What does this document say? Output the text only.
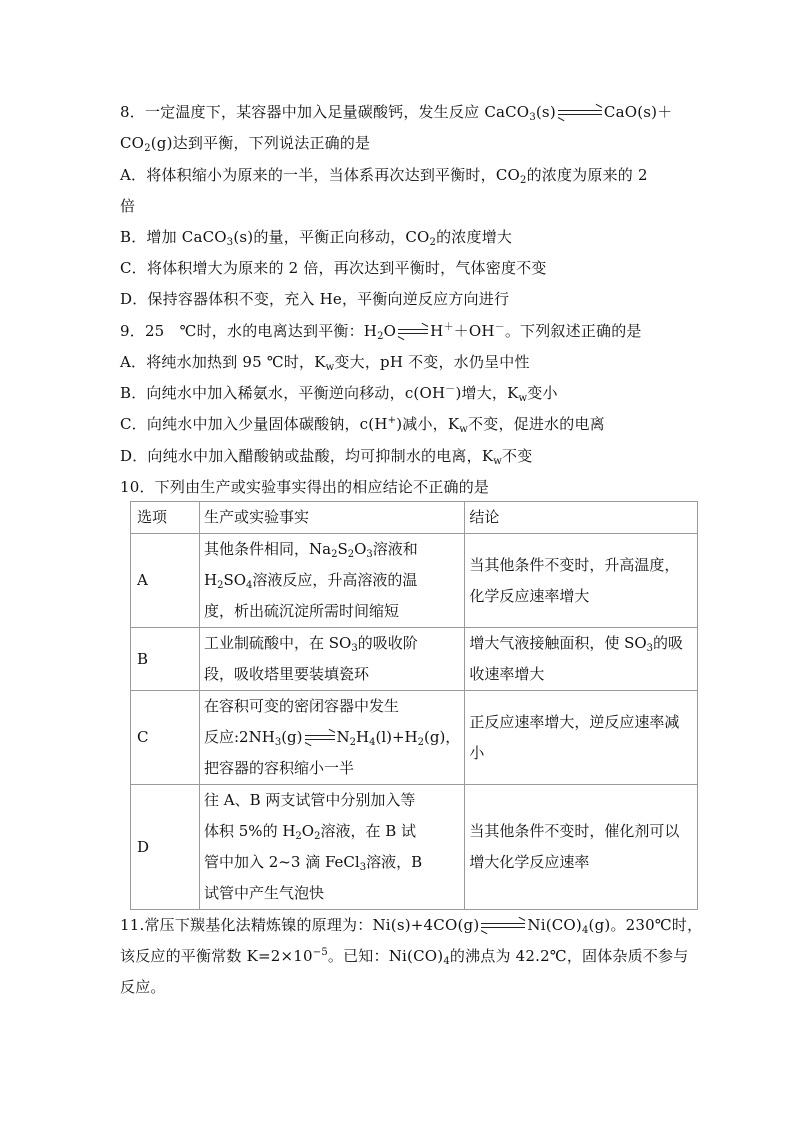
8．一定温度下，某容器中加入足量碳酸钙，发生反应 CaCO$_3$(s)	CaO(s)＋
$CO_2(g)$达到平衡，下列说法正确的是
A．将体积缩小为原来的一半，当体系再次达到平衡时，$CO_2$的浓度为原来的 2
倍
B．增加 CaCO$_3$(s)的量，平衡正向移动，$CO_2$的浓度增大
C．将体积增大为原来的 2 倍，再次达到平衡时，气体密度不变
D．保持容器体积不变，充入 He，平衡向逆反应方向进行
9．25　℃时，水的电离达到平衡：$H_2O$ H＋＋OH－。下列叙述正确的是
A．将纯水加热到 95 ℃时，$K_w$变大，pH 不变，水仍呈中性
B．向纯水中加入稀氨水，平衡逆向移动，c(OH－)增大，$K_w$变小
C．向纯水中加入少量固体碳酸钠，c(H+)减小，$K_w$不变，促进水的电离
D．向纯水中加入醋酸钠或盐酸，均可抑制水的电离，$K_w$不变
10．下列由生产或实验事实得出的相应结论不正确的是
选项	生产或实验事实	结论
A	其他条件相同，$Na_2S_2O_3$溶液和
$H_2SO_4$溶液反应，升高溶液的温
度，析出硫沉淀所需时间缩短	当其他条件不变时，升高温度，
化学反应速率增大

B	工业制硫酸中，在 $SO_3$的吸收阶
段，吸收塔里要装填瓷环	增大气液接触面积，使 $SO_3$的吸
收速率增大

C	在容积可变的密闭容器中发生
反应$:2NH_3(g)$ $N_2H_4(l)+H_2(g)$，
把容器的容积缩小一半	正反应速率增大，逆反应速率减
小

D	往 A、B 两支试管中分别加入等
体积 5%的 $H_2O_2$溶液，在 B 试
管中加入 2~3 滴 FeCl$_3$溶液，B
试管中产生气泡快	当其他条件不变时，催化剂可以
增大化学反应速率
11.常压下羰基化法精炼镍的原理为：Ni(s)+4CO(g)	$Ni(CO)_4(g)$。230℃时，
该反应的平衡常数 $K=2\times 10^{-5}$。已知：$Ni(CO)_4$的沸点为 42.2℃，固体杂质不参与
反应。
